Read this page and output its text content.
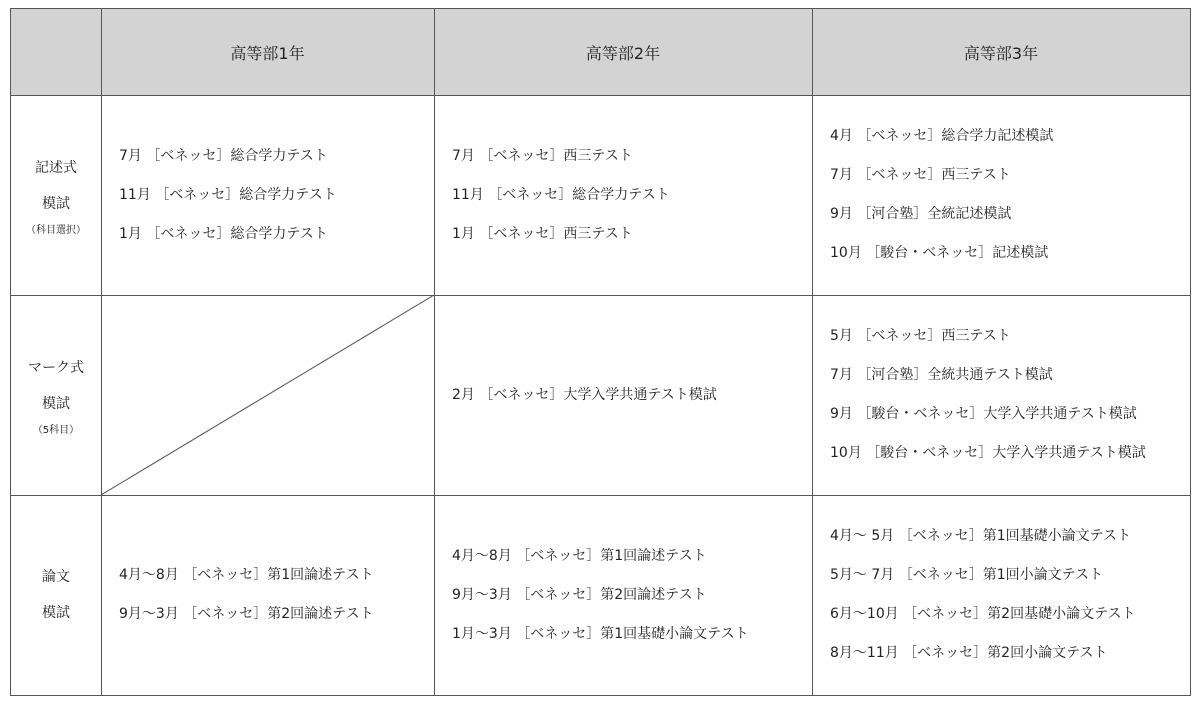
高等部1年	高等部2年	高等部3年
記述式
模試
（科目選択）
7月 ［ベネッセ］総合学力テスト
11月 ［ベネッセ］総合学力テスト
1月 ［ベネッセ］総合学力テスト
7月 ［ベネッセ］西三テスト
11月 ［ベネッセ］総合学力テスト
1月 ［ベネッセ］西三テスト
4月 ［ベネッセ］総合学力記述模試
7月 ［ベネッセ］西三テスト
9月 ［河合塾］全統記述模試
10月 ［駿台・ベネッセ］記述模試
マーク式
模試
（5科目）
2月 ［ベネッセ］大学入学共通テスト模試
5月 ［ベネッセ］西三テスト
7月 ［河合塾］全統共通テスト模試
9月 ［駿台・ベネッセ］大学入学共通テスト模試
10月 ［駿台・ベネッセ］大学入学共通テスト模試
論文
模試
4月～8月 ［ベネッセ］第1回論述テスト
9月～3月 ［ベネッセ］第2回論述テスト
4月～8月 ［ベネッセ］第1回論述テスト
9月～3月 ［ベネッセ］第2回論述テスト
1月～3月 ［ベネッセ］第1回基礎小論文テスト
4月～ 5月 ［ベネッセ］第1回基礎小論文テスト
5月～ 7月 ［ベネッセ］第1回小論文テスト
6月～10月 ［ベネッセ］第2回基礎小論文テスト
8月～11月 ［ベネッセ］第2回小論文テスト
